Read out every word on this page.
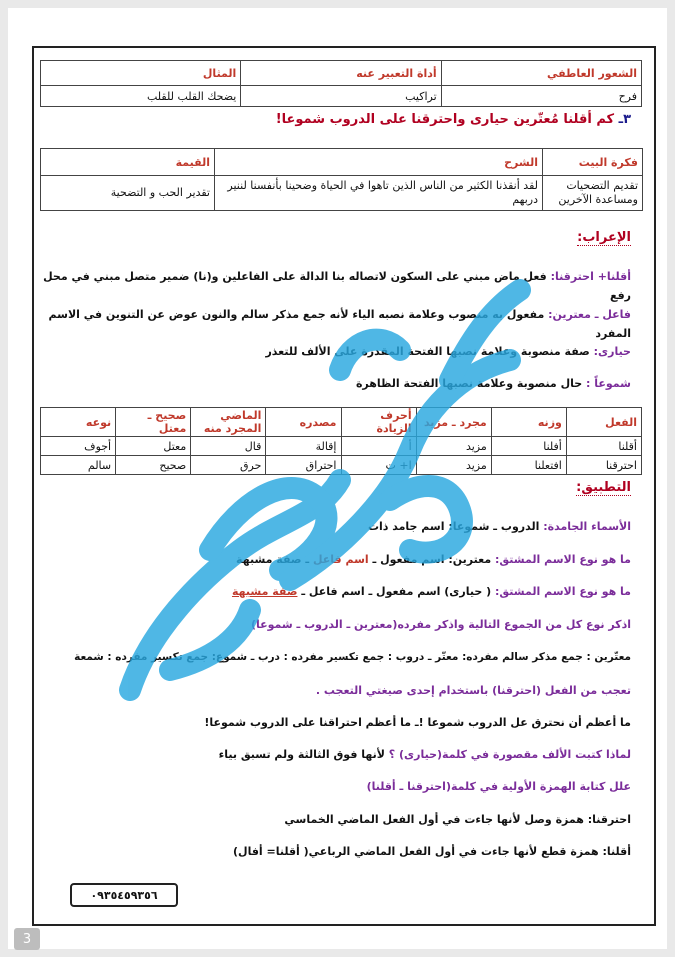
الشعور العاطفي	أداة التعبير عنه	المثال
فرح	تراكيب	يضحك القلب للقلب
٣ـ كم أقلنا مُعتّرين حيارى واحترقنا على الدروب شموعا!
فكرة البيت	الشرح	القيمة
تقديم التضحيات ومساعدة الآخرين	لقد أنقذنا الكثير من الناس الذين تاهوا في الحياة وضحينا بأنفسنا لننير دربهم	تقدير الحب و التضحية
الإعراب:
أقلنا+ احترقنا: فعل ماض مبني على السكون لاتصاله بنا الدالة على الفاعلين و(نا) ضمير متصل مبني في محل رفع
فاعل ـ معترين: مفعول به منصوب وعلامة نصبه الياء لأنه جمع مذكر سالم والنون عوض عن التنوين في الاسم المفرد
حيارى: صفة منصوبة وعلامة نصبها الفتحة المقدرة على الألف للتعذر
شموعاً : حال منصوبة وعلامة نصبها الفتحة الظاهرة
الفعل	وزنه	مجرد ـ مزيد	أحرف الزيادة	مصدره	الماضي المجرد منه	صحيح ـ معتل	نوعه
أقلنا	أفلنا	مزيد	أ	إقالة	قال	معتل	أجوف
احترقنا	افتعلنا	مزيد	ا+ ت	احتراق	حرق	صحيح	سالم
التطبيق:
الأسماء الجامدة: الدروب ـ شموعا: اسم جامد ذات
ما هو نوع الاسم المشتق: معترين: اسم مفعول ـ اسم فاعل ـ صفة مشبهة
ما هو نوع الاسم المشتق: ( حيارى) اسم مفعول ـ اسم فاعل ـ صفة مشبهة
اذكر نوع كل من الجموع التالية واذكر مفرده(معترين ـ الدروب ـ شموعا)
معتّرين : جمع مذكر سالم مفرده: معتّر ـ دروب : جمع تكسير مفرده : درب ـ شموع: جمع تكسير مفرده : شمعة
تعجب من الفعل (احترقنا) باستخدام إحدى صيغتي التعجب .
ما أعظم أن نحترق عل الدروب شموعا !ـ ما أعظم احتراقنا على الدروب شموعا!
لماذا كتبت الألف مقصورة في كلمة(حيارى) ؟ لأنها فوق الثالثة ولم تسبق بياء
علل كتابة الهمزة الأولية في كلمة(احترقنا ـ أقلنا)
احترقنا: همزة وصل لأنها جاءت في أول الفعل الماضي الخماسي
أقلنا: همزة قطع لأنها جاءت في أول الفعل الماضي الرباعي( أقلنا= أفال)
٠٩٣٥٤٥٩٣٥٦
3
